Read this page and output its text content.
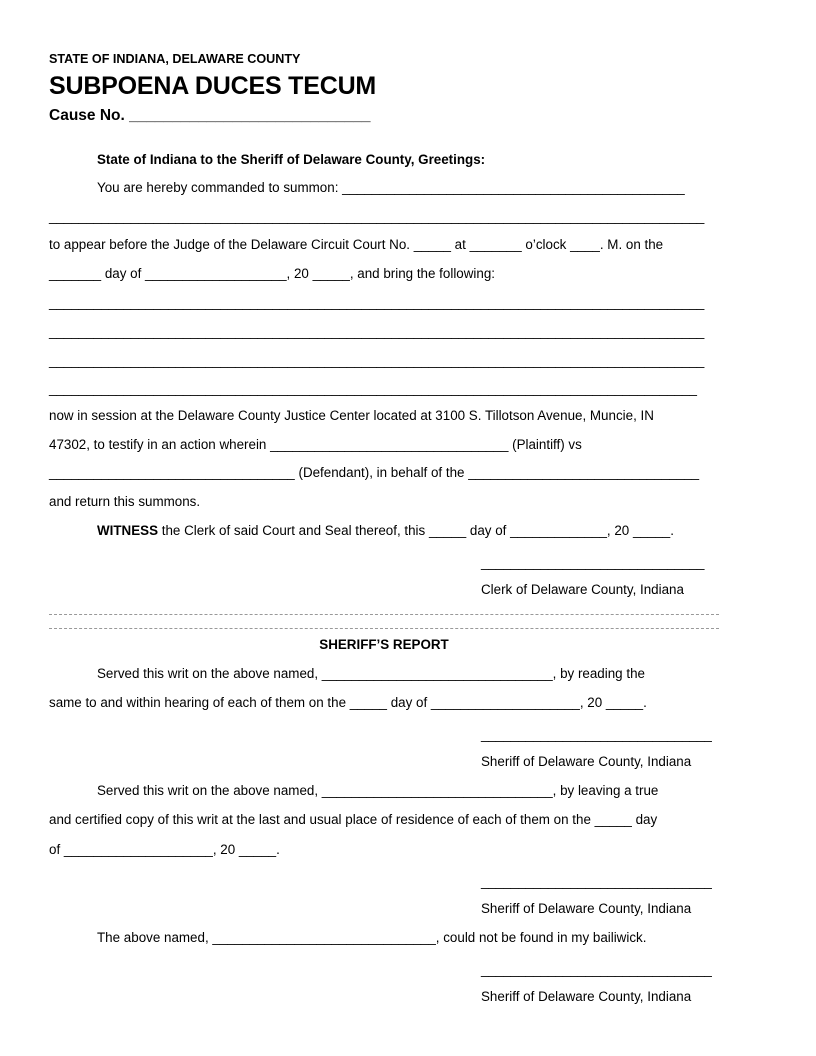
STATE OF INDIANA, DELAWARE COUNTY
SUBPOENA DUCES TECUM
Cause No. ____________________________
State of Indiana to the Sheriff of Delaware County, Greetings:
You are hereby commanded to summon: ______________________________________________
________________________________________________________________________________________
to appear before the Judge of the Delaware Circuit Court No. _____ at _______ o’clock ____. M. on the
_______ day of ___________________, 20 _____, and bring the following:
________________________________________________________________________________________
________________________________________________________________________________________
________________________________________________________________________________________
_______________________________________________________________________________________
now in session at the Delaware County Justice Center located at 3100 S. Tillotson Avenue, Muncie, IN
47302, to testify in an action wherein ________________________________ (Plaintiff) vs
_________________________________ (Defendant), in behalf of the _______________________________
and return this summons.
WITNESS the Clerk of said Court and Seal thereof, this _____ day of _____________, 20 _____.
______________________________
Clerk of Delaware County, Indiana
SHERIFF’S REPORT
Served this writ on the above named, _______________________________, by reading the
same to and within hearing of each of them on the _____ day of ____________________, 20 _____.
_______________________________
Sheriff of Delaware County, Indiana
Served this writ on the above named, _______________________________, by leaving a true
and certified copy of this writ at the last and usual place of residence of each of them on the _____ day
of ____________________, 20 _____.
_______________________________
Sheriff of Delaware County, Indiana
The above named, ______________________________, could not be found in my bailiwick.
_______________________________
Sheriff of Delaware County, Indiana
